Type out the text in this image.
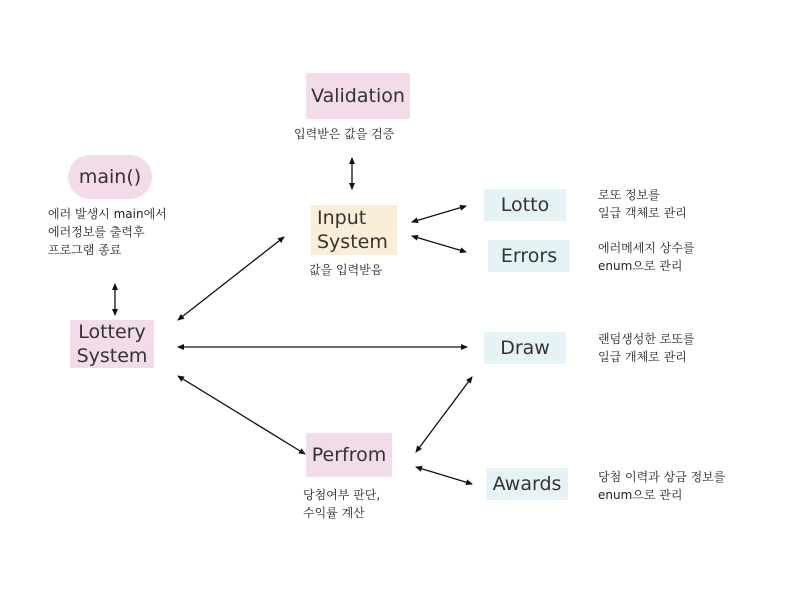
Validation
main()
Input
System
Lotto
Errors
Lottery
System	Draw
Perfrom
Awards
입력받은 값을 검증
에러 발생시 main에서
에러정보를 출력후
프로그램 종료
값을 입력받음
로또 정보를
일급 객체로 관리
에러메세지 상수를
enum으로 관리
랜덤생성한 로또를
일급 개체로 관리
당첨여부 판단,
수익률 계산
당첨 이력과 상금 정보를
enum으로 관리
